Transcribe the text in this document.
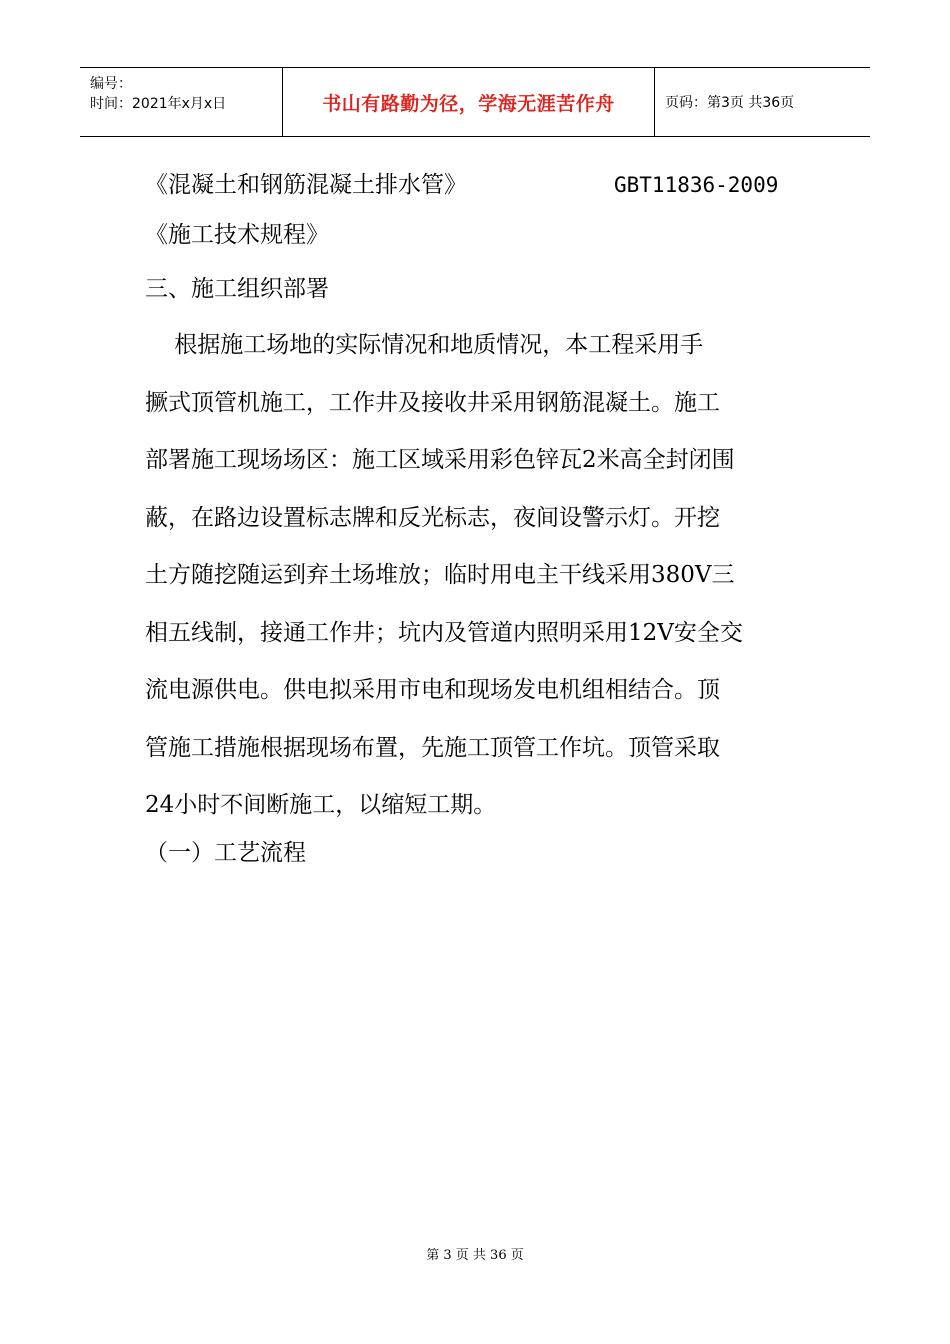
编号：
时间：2021年x月x日	书山有路勤为径，学海无涯苦作舟	页码：第3页 共36页
《混凝土和钢筋混凝土排水管》	GBT11836-2009
《施工技术规程》
三、施工组织部署
根据施工场地的实际情况和地质情况，本工程采用手
撅式顶管机施工，工作井及接收井采用钢筋混凝土。施工
部署施工现场场区：施工区域采用彩色锌瓦2米高全封闭围
蔽，在路边设置标志牌和反光标志，夜间设警示灯。开挖
土方随挖随运到弃土场堆放；临时用电主干线采用380V三
相五线制，接通工作井；坑内及管道内照明采用12V安全交
流电源供电。供电拟采用市电和现场发电机组相结合。顶
管施工措施根据现场布置，先施工顶管工作坑。顶管采取
24小时不间断施工，以缩短工期。
（一）工艺流程
第 3 页 共 36 页
